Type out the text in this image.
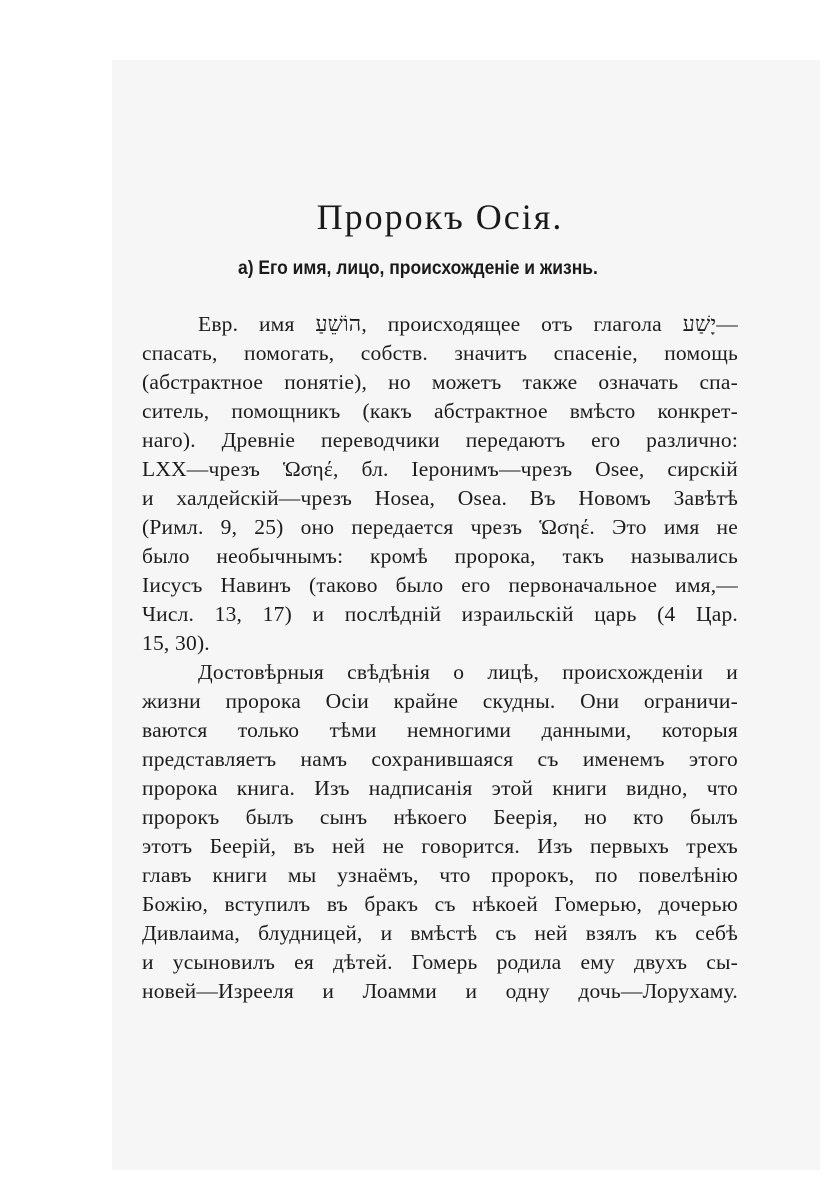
Пророкъ Осія.
а) Его имя, лицо, происхожденіе и жизнь.
Евр. имя הוֹשֵׁעַ, происходящее отъ глагола יָשַׁע—
спасать, помогать, собств. значитъ спасеніе, помощь
(абстрактное понятіе), но можетъ также означать спа-
ситель, помощникъ (какъ абстрактное вмѣсто конкрет-
наго). Древніе переводчики передаютъ его различно:
LXX—чрезъ Ὡσηέ, бл. Іеронимъ—чрезъ Osee, сирскій
и халдейскій—чрезъ Hosea, Osea. Въ Новомъ Завѣтѣ
(Римл. 9, 25) оно передается чрезъ Ὡσηέ. Это имя не
было необычнымъ: кромѣ пророка, такъ назывались
Іисусъ Навинъ (таково было его первоначальное имя,—
Числ. 13, 17) и послѣдній израильскій царь (4 Цар.
15, 30).
Достовѣрныя свѣдѣнія о лицѣ, происхожденіи и
жизни пророка Осіи крайне скудны. Они ограничи-
ваются только тѣми немногими данными, которыя
представляетъ намъ сохранившаяся съ именемъ этого
пророка книга. Изъ надписанія этой книги видно, что
пророкъ былъ сынъ нѣкоего Беерія, но кто былъ
этотъ Беерій, въ ней не говорится. Изъ первыхъ трехъ
главъ книги мы узнаёмъ, что пророкъ, по повелѣнію
Божію, вступилъ въ бракъ съ нѣкоей Гомерью, дочерью
Дивлаима, блудницей, и вмѣстѣ съ ней взялъ къ себѣ
и усыновилъ ея дѣтей. Гомерь родила ему двухъ сы-
новей—Изрееля и Лоамми и одну дочь—Лорухаму.
